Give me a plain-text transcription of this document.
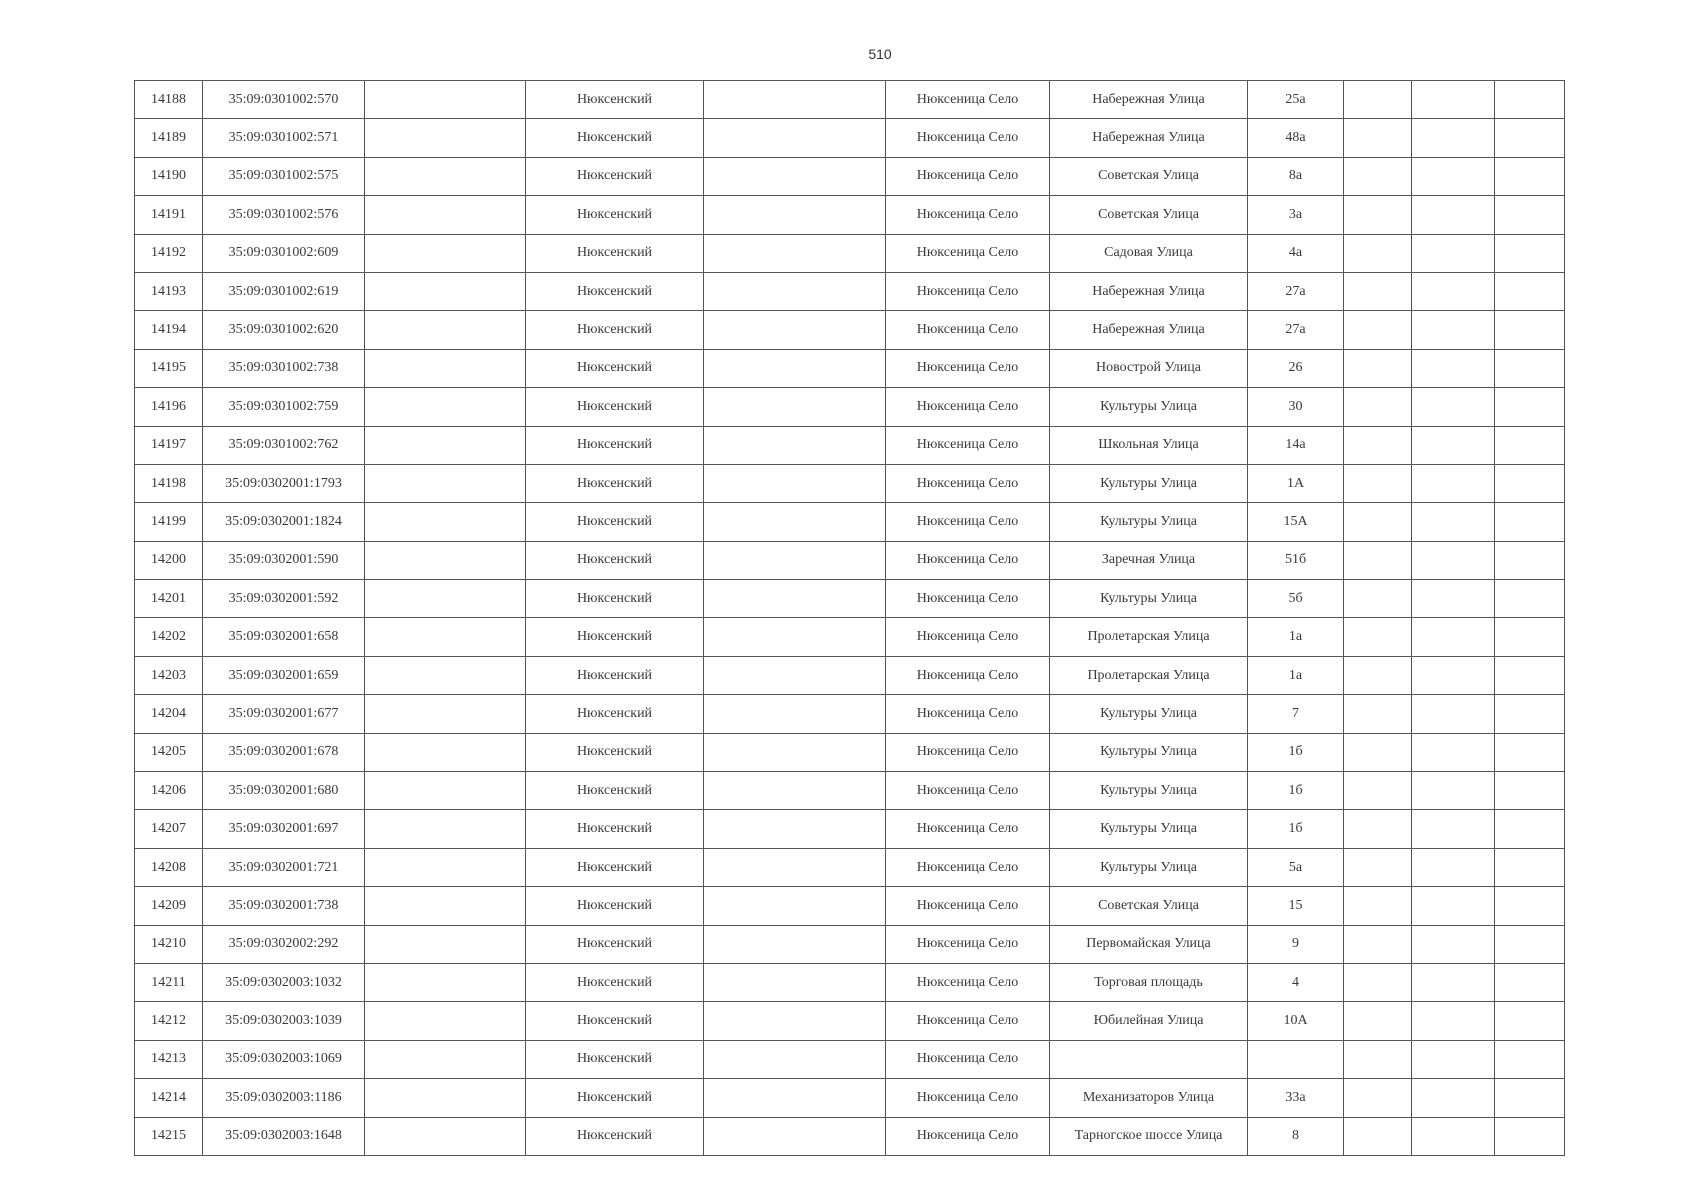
510
14188	35:09:0301002:570		Нюксенский		Нюксеница Село	Набережная Улица	25а			
14189	35:09:0301002:571		Нюксенский		Нюксеница Село	Набережная Улица	48а			
14190	35:09:0301002:575		Нюксенский		Нюксеница Село	Советская Улица	8а			
14191	35:09:0301002:576		Нюксенский		Нюксеница Село	Советская Улица	3а			
14192	35:09:0301002:609		Нюксенский		Нюксеница Село	Садовая Улица	4а			
14193	35:09:0301002:619		Нюксенский		Нюксеница Село	Набережная Улица	27а			
14194	35:09:0301002:620		Нюксенский		Нюксеница Село	Набережная Улица	27а			
14195	35:09:0301002:738		Нюксенский		Нюксеница Село	Новострой Улица	26			
14196	35:09:0301002:759		Нюксенский		Нюксеница Село	Культуры Улица	30			
14197	35:09:0301002:762		Нюксенский		Нюксеница Село	Школьная Улица	14а			
14198	35:09:0302001:1793		Нюксенский		Нюксеница Село	Культуры Улица	1А			
14199	35:09:0302001:1824		Нюксенский		Нюксеница Село	Культуры Улица	15А			
14200	35:09:0302001:590		Нюксенский		Нюксеница Село	Заречная Улица	51б			
14201	35:09:0302001:592		Нюксенский		Нюксеница Село	Культуры Улица	5б			
14202	35:09:0302001:658		Нюксенский		Нюксеница Село	Пролетарская Улица	1а			
14203	35:09:0302001:659		Нюксенский		Нюксеница Село	Пролетарская Улица	1а			
14204	35:09:0302001:677		Нюксенский		Нюксеница Село	Культуры Улица	7			
14205	35:09:0302001:678		Нюксенский		Нюксеница Село	Культуры Улица	1б			
14206	35:09:0302001:680		Нюксенский		Нюксеница Село	Культуры Улица	1б			
14207	35:09:0302001:697		Нюксенский		Нюксеница Село	Культуры Улица	1б			
14208	35:09:0302001:721		Нюксенский		Нюксеница Село	Культуры Улица	5а			
14209	35:09:0302001:738		Нюксенский		Нюксеница Село	Советская Улица	15			
14210	35:09:0302002:292		Нюксенский		Нюксеница Село	Первомайская Улица	9			
14211	35:09:0302003:1032		Нюксенский		Нюксеница Село	Торговая площадь	4			
14212	35:09:0302003:1039		Нюксенский		Нюксеница Село	Юбилейная Улица	10А			
14213	35:09:0302003:1069		Нюксенский		Нюксеница Село					
14214	35:09:0302003:1186		Нюксенский		Нюксеница Село	Механизаторов Улица	33а			
14215	35:09:0302003:1648		Нюксенский		Нюксеница Село	Тарногское шоссе Улица	8			
